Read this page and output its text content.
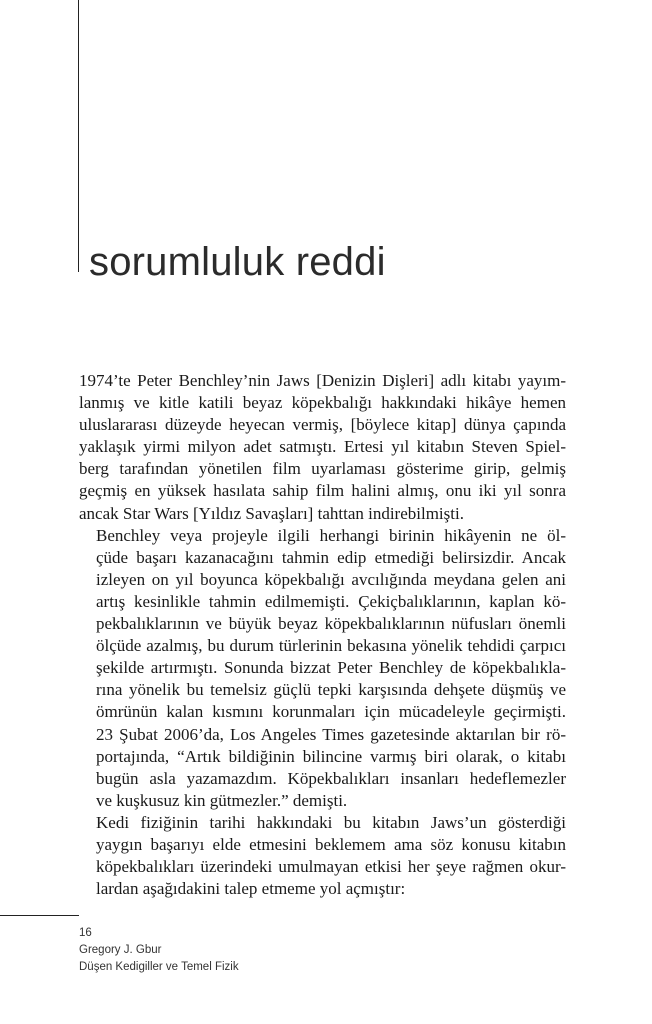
sorumluluk reddi

1974’te Peter Benchley’nin Jaws [Denizin Dişleri] adlı kitabı yayım-
lanmış ve kitle katili beyaz köpekbalığı hakkındaki hikâye hemen
uluslararası düzeyde heyecan vermiş, [böylece kitap] dünya çapında
yaklaşık yirmi milyon adet satmıştı. Ertesi yıl kitabın Steven Spiel-
berg tarafından yönetilen film uyarlaması gösterime girip, gelmiş
geçmiş en yüksek hasılata sahip film halini almış, onu iki yıl sonra
ancak Star Wars [Yıldız Savaşları] tahttan indirebilmişti.

Benchley veya projeyle ilgili herhangi birinin hikâyenin ne öl-
çüde başarı kazanacağını tahmin edip etmediği belirsizdir. Ancak
izleyen on yıl boyunca köpekbalığı avcılığında meydana gelen ani
artış kesinlikle tahmin edilmemişti. Çekiçbalıklarının, kaplan kö-
pekbalıklarının ve büyük beyaz köpekbalıklarının nüfusları önemli
ölçüde azalmış, bu durum türlerinin bekasına yönelik tehdidi çarpıcı
şekilde artırmıştı. Sonunda bizzat Peter Benchley de köpekbalıkla-
rına yönelik bu temelsiz güçlü tepki karşısında dehşete düşmüş ve
ömrünün kalan kısmını korunmaları için mücadeleyle geçirmişti.
23 Şubat 2006’da, Los Angeles Times gazetesinde aktarılan bir rö-
portajında, “Artık bildiğinin bilincine varmış biri olarak, o kitabı
bugün asla yazamazdım. Köpekbalıkları insanları hedeflemezler
ve kuşkusuz kin gütmezler.” demişti.

Kedi fiziğinin tarihi hakkındaki bu kitabın Jaws’un gösterdiği
yaygın başarıyı elde etmesini beklemem ama söz konusu kitabın
köpekbalıkları üzerindeki umulmayan etkisi her şeye rağmen okur-
lardan aşağıdakini talep etmeme yol açmıştır:

16
Gregory J. Gbur
Düşen Kedigiller ve Temel Fizik
